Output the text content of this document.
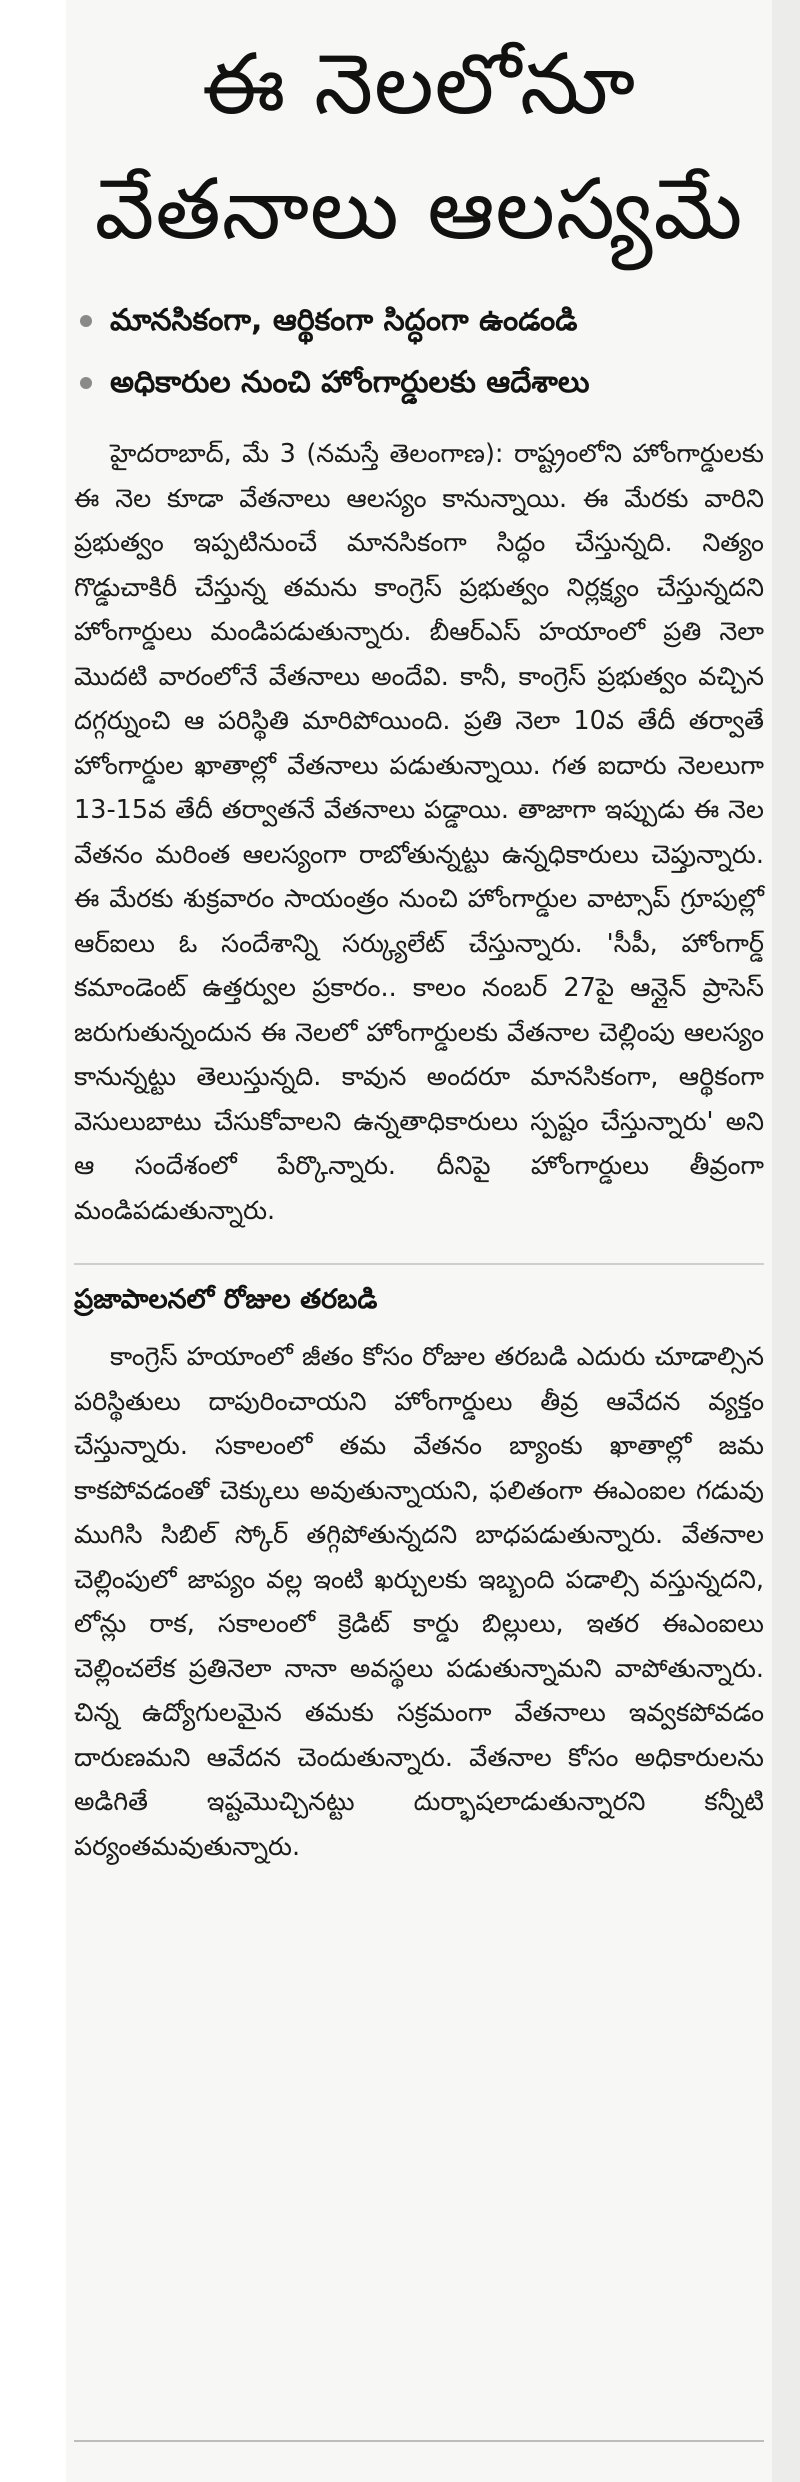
ఈ నెలలోనూ
వేతనాలు ఆలస్యమే
మానసికంగా, ఆర్థికంగా సిద్ధంగా ఉండండి
అధికారుల నుంచి హోంగార్డులకు ఆదేశాలు

హైదరాబాద్, మే 3 (నమస్తే తెలంగాణ): రాష్ట్రంలోని హోంగార్డులకు ఈ నెల కూడా వేతనాలు ఆలస్యం కానున్నాయి. ఈ మేరకు వారిని ప్రభుత్వం ఇప్పటినుంచే మానసికంగా సిద్ధం చేస్తున్నది. నిత్యం గొడ్డుచాకిరీ చేస్తున్న తమను కాంగ్రెస్ ప్రభుత్వం నిర్లక్ష్యం చేస్తున్నదని హోంగార్డులు మండిపడుతున్నారు. బీఆర్ఎస్ హయాంలో ప్రతి నెలా మొదటి వారంలోనే వేతనాలు అందేవి. కానీ, కాంగ్రెస్ ప్రభుత్వం వచ్చిన దగ్గర్నుంచి ఆ పరిస్థితి మారిపోయింది. ప్రతి నెలా 10వ తేదీ తర్వాతే హోంగార్డుల ఖాతాల్లో వేతనాలు పడుతున్నాయి. గత ఐదారు నెలలుగా 13-15వ తేదీ తర్వాతనే వేతనాలు పడ్డాయి. తాజాగా ఇప్పుడు ఈ నెల వేతనం మరింత ఆలస్యంగా రాబోతున్నట్టు ఉన్నధికారులు చెప్తున్నారు. ఈ మేరకు శుక్రవారం సాయంత్రం నుంచి హోంగార్డుల వాట్సాప్ గ్రూపుల్లో ఆర్ఐలు ఓ సందేశాన్ని సర్క్యులేట్ చేస్తున్నారు. 'సీపీ, హోంగార్డ్ కమాండెంట్ ఉత్తర్వుల ప్రకారం.. కాలం నంబర్ 27పై ఆన్లైన్ ప్రాసెస్ జరుగుతున్నందున ఈ నెలలో హోంగార్డులకు వేతనాల చెల్లింపు ఆలస్యం కానున్నట్టు తెలుస్తున్నది. కావున అందరూ మానసికంగా, ఆర్థికంగా వెసులుబాటు చేసుకోవాలని ఉన్నతాధికారులు స్పష్టం చేస్తున్నారు' అని ఆ సందేశంలో పేర్కొన్నారు. దీనిపై హోంగార్డులు తీవ్రంగా మండిపడుతున్నారు.

ప్రజాపాలనలో రోజుల తరబడి

కాంగ్రెస్ హయాంలో జీతం కోసం రోజుల తరబడి ఎదురు చూడాల్సిన పరిస్థితులు దాపురించాయని హోంగార్డులు తీవ్ర ఆవేదన వ్యక్తం చేస్తున్నారు. సకాలంలో తమ వేతనం బ్యాంకు ఖాతాల్లో జమ కాకపోవడంతో చెక్కులు అవుతున్నాయని, ఫలితంగా ఈఎంఐల గడువు ముగిసి సిబిల్ స్కోర్ తగ్గిపోతున్నదని బాధపడుతున్నారు. వేతనాల చెల్లింపులో జాప్యం వల్ల ఇంటి ఖర్చులకు ఇబ్బంది పడాల్సి వస్తున్నదని, లోన్లు రాక, సకాలంలో క్రెడిట్ కార్డు బిల్లులు, ఇతర ఈఎంఐలు చెల్లించలేక ప్రతినెలా నానా అవస్థలు పడుతున్నామని వాపోతున్నారు. చిన్న ఉద్యోగులమైన తమకు సక్రమంగా వేతనాలు ఇవ్వకపోవడం దారుణమని ఆవేదన చెందుతున్నారు. వేతనాల కోసం అధికారులను అడిగితే ఇష్టమొచ్చినట్టు దుర్భాషలాడుతున్నారని కన్నీటి పర్యంతమవుతున్నారు.
